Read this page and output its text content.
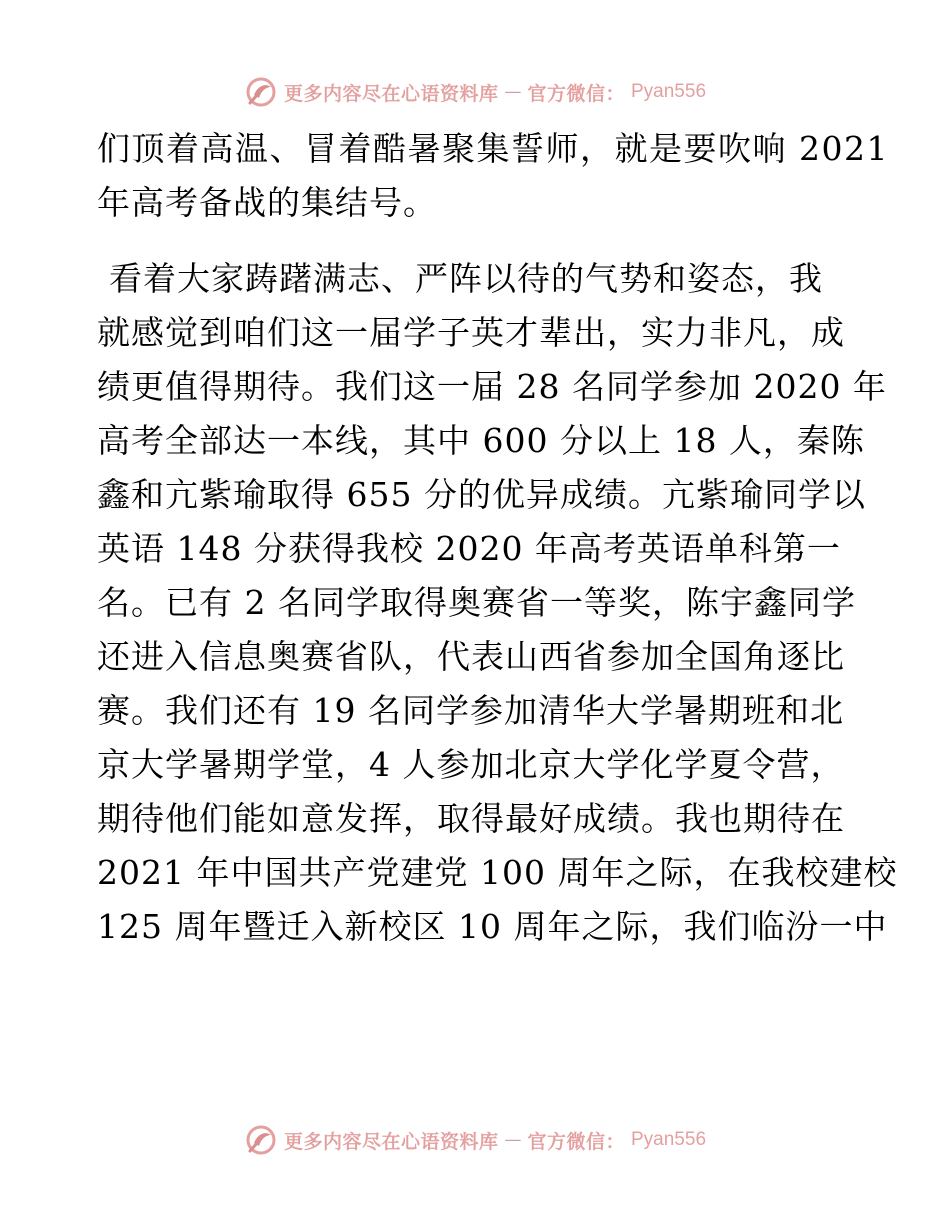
更多内容尽在心语资料库 — 官方微信： Pyan556
们顶着高温、冒着酷暑聚集誓师，就是要吹响 2021
年高考备战的集结号。
看着大家踌躇满志、严阵以待的气势和姿态，我
就感觉到咱们这一届学子英才辈出，实力非凡，成
绩更值得期待。我们这一届 28 名同学参加 2020 年
高考全部达一本线，其中 600 分以上 18 人，秦陈
鑫和亢紫瑜取得 655 分的优异成绩。亢紫瑜同学以
英语 148 分获得我校 2020 年高考英语单科第一
名。已有 2 名同学取得奥赛省一等奖，陈宇鑫同学
还进入信息奥赛省队，代表山西省参加全国角逐比
赛。我们还有 19 名同学参加清华大学暑期班和北
京大学暑期学堂，4 人参加北京大学化学夏令营，
期待他们能如意发挥，取得最好成绩。我也期待在
2021 年中国共产党建党 100 周年之际，在我校建校
125 周年暨迁入新校区 10 周年之际，我们临汾一中
更多内容尽在心语资料库 — 官方微信： Pyan556
